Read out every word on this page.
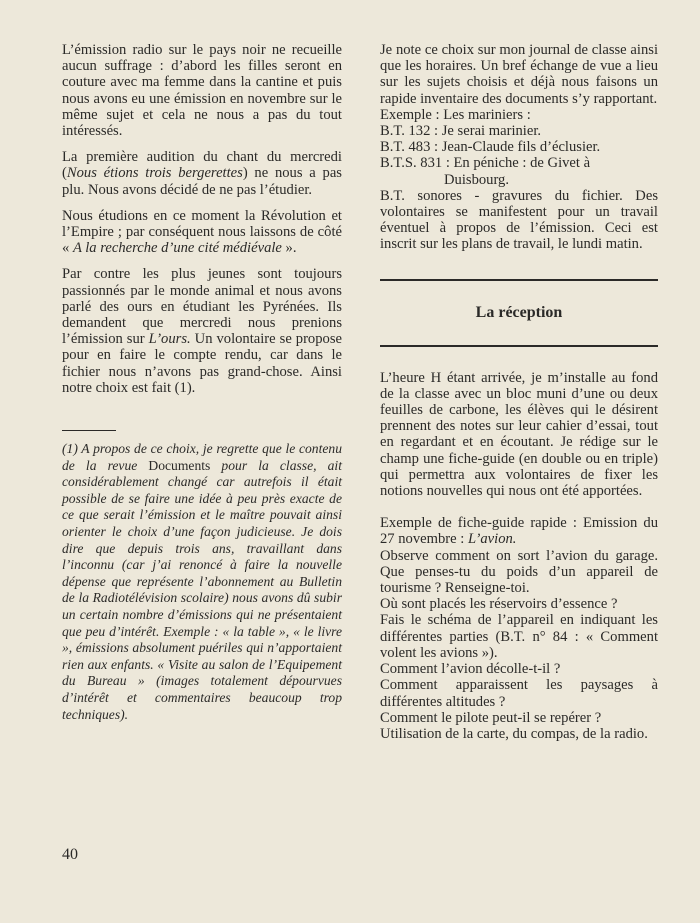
L’émission radio sur le pays noir ne recueille aucun suffrage : d’abord les filles seront en couture avec ma femme dans la cantine et puis nous avons eu une émission en novembre sur le même sujet et cela ne nous a pas du tout intéressés.

La première audition du chant du mercredi (Nous étions trois bergerettes) ne nous a pas plu. Nous avons décidé de ne pas l’étudier.

Nous étudions en ce moment la Révolution et l’Empire ; par conséquent nous laissons de côté « A la recherche d’une cité médiévale ».

Par contre les plus jeunes sont toujours passionnés par le monde animal et nous avons parlé des ours en étudiant les Pyrénées. Ils demandent que mercredi nous prenions l’émission sur L’ours. Un volontaire se propose pour en faire le compte rendu, car dans le fichier nous n’avons pas grand-chose. Ainsi notre choix est fait (1).

(1) A propos de ce choix, je regrette que le contenu de la revue Documents pour la classe, ait considérablement changé car autrefois il était possible de se faire une idée à peu près exacte de ce que serait l’émission et le maître pouvait ainsi orienter le choix d’une façon judicieuse. Je dois dire que depuis trois ans, travaillant dans l’inconnu (car j’ai renoncé à faire la nouvelle dépense que représente l’abonnement au Bulletin de la Radiotélévision scolaire) nous avons dû subir un certain nombre d’émissions qui ne présentaient que peu d’intérêt. Exemple : « la table », « le livre », émissions absolument puériles qui n’apportaient rien aux enfants. « Visite au salon de l’Equipement du Bureau » (images totalement dépourvues d’intérêt et commentaires beaucoup trop techniques).

Je note ce choix sur mon journal de classe ainsi que les horaires. Un bref échange de vue a lieu sur les sujets choisis et déjà nous faisons un rapide inventaire des documents s’y rapportant.

Exemple : Les mariniers :
B.T. 132 : Je serai marinier.
B.T. 483 : Jean-Claude fils d’éclusier.
B.T.S. 831 : En péniche : de Givet à
Duisbourg.

B.T. sonores - gravures du fichier. Des volontaires se manifestent pour un travail éventuel à propos de l’émission. Ceci est inscrit sur les plans de travail, le lundi matin.

La réception

L’heure H étant arrivée, je m’installe au fond de la classe avec un bloc muni d’une ou deux feuilles de carbone, les élèves qui le désirent prennent des notes sur leur cahier d’essai, tout en regardant et en écoutant. Je rédige sur le champ une fiche-guide (en double ou en triple) qui permettra aux volontaires de fixer les notions nouvelles qui nous ont été apportées.

Exemple de fiche-guide rapide : Emission du 27 novembre : L’avion.

Observe comment on sort l’avion du garage. Que penses-tu du poids d’un appareil de tourisme ? Renseigne-toi.

Où sont placés les réservoirs d’essence ?

Fais le schéma de l’appareil en indiquant les différentes parties (B.T. n° 84 : « Comment volent les avions »).

Comment l’avion décolle-t-il ?

Comment apparaissent les paysages à différentes altitudes ?

Comment le pilote peut-il se repérer ?

Utilisation de la carte, du compas, de la radio.

40
